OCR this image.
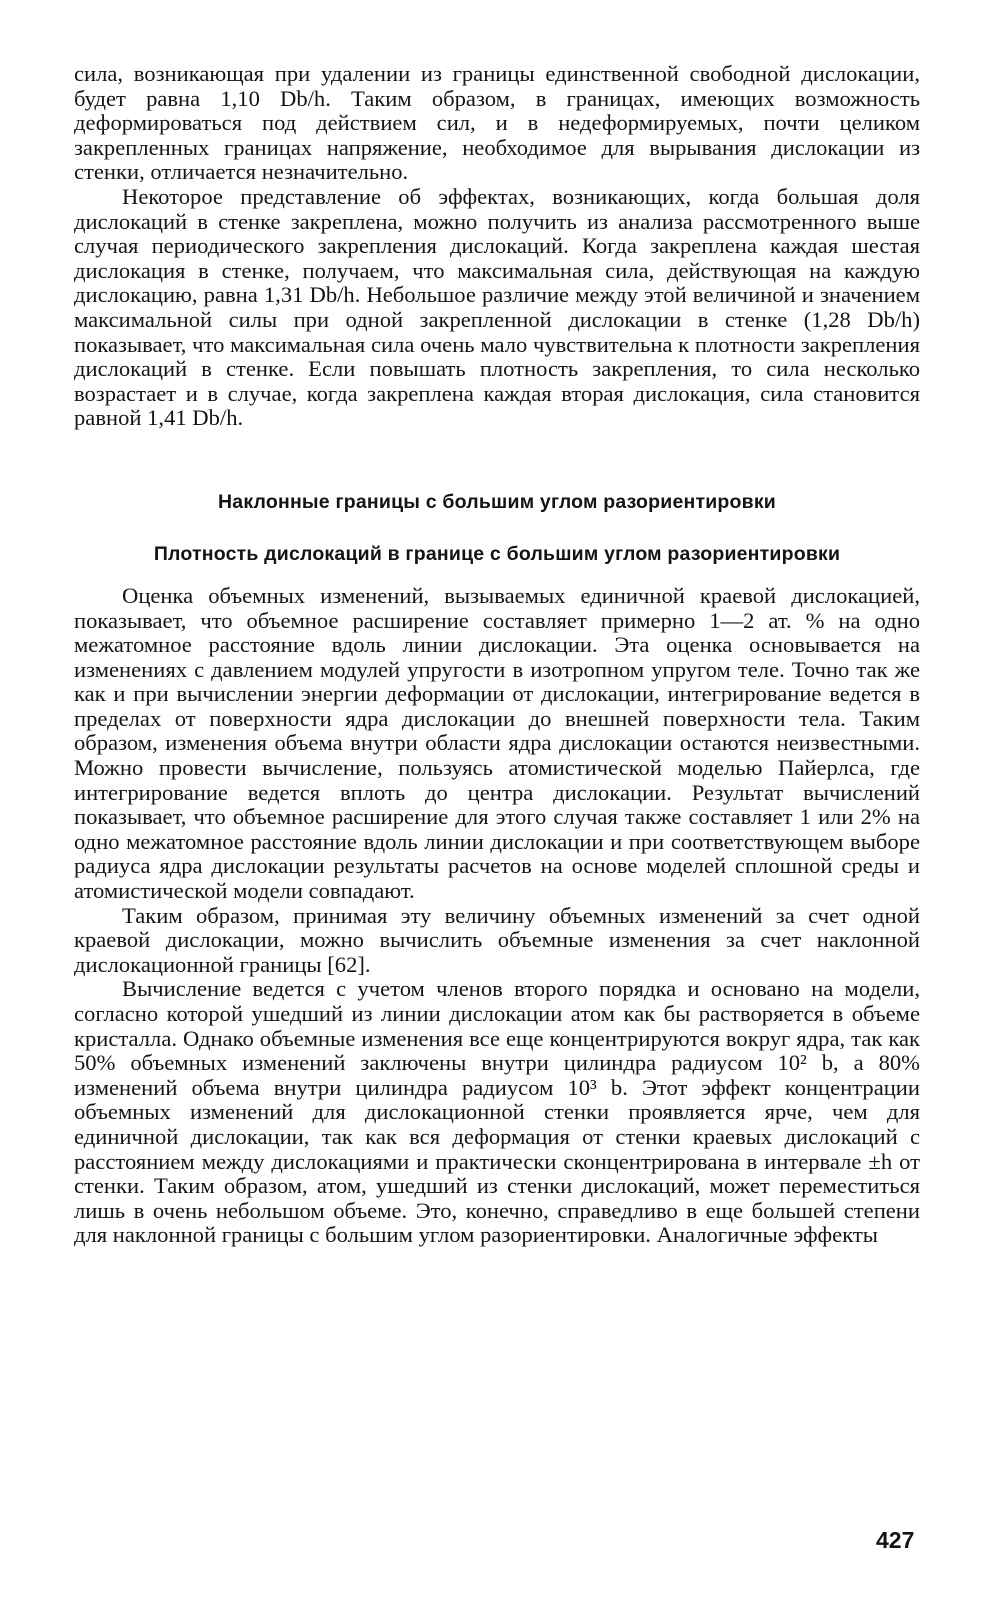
сила, возникающая при удалении из границы единственной свободной дислокации, будет равна 1,10 Db/h. Таким образом, в границах, имеющих возможность деформироваться под действием сил, и в недеформируемых, почти целиком закрепленных границах напряжение, необходимое для вырывания дислокации из стенки, отличается незначительно.

Некоторое представление об эффектах, возникающих, когда большая доля дислокаций в стенке закреплена, можно получить из анализа рассмотренного выше случая периодического закрепления дислокаций. Когда закреплена каждая шестая дислокация в стенке, получаем, что максимальная сила, действующая на каждую дислокацию, равна 1,31 Db/h. Небольшое различие между этой величиной и значением максимальной силы при одной закрепленной дислокации в стенке (1,28 Db/h) показывает, что максимальная сила очень мало чувствительна к плотности закрепления дислокаций в стенке. Если повышать плотность закрепления, то сила несколько возрастает и в случае, когда закреплена каждая вторая дислокация, сила становится равной 1,41 Db/h.

Наклонные границы с большим углом разориентировки
Плотность дислокаций в границе с большим углом разориентировки

Оценка объемных изменений, вызываемых единичной краевой дислокацией, показывает, что объемное расширение составляет примерно 1—2 ат. % на одно межатомное расстояние вдоль линии дислокации. Эта оценка основывается на изменениях с давлением модулей упругости в изотропном упругом теле. Точно так же как и при вычислении энергии деформации от дислокации, интегрирование ведется в пределах от поверхности ядра дислокации до внешней поверхности тела. Таким образом, изменения объема внутри области ядра дислокации остаются неизвестными. Можно провести вычисление, пользуясь атомистической моделью Пайерлса, где интегрирование ведется вплоть до центра дислокации. Результат вычислений показывает, что объемное расширение для этого случая также составляет 1 или 2% на одно межатомное расстояние вдоль линии дислокации и при соответствующем выборе радиуса ядра дислокации результаты расчетов на основе моделей сплошной среды и атомистической модели совпадают.

Таким образом, принимая эту величину объемных изменений за счет одной краевой дислокации, можно вычислить объемные изменения за счет наклонной дислокационной границы [62].

Вычисление ведется с учетом членов второго порядка и основано на модели, согласно которой ушедший из линии дислокации атом как бы растворяется в объеме кристалла. Однако объемные изменения все еще концентрируются вокруг ядра, так как 50% объемных изменений заключены внутри цилиндра радиусом 10² b, а 80% изменений объема внутри цилиндра радиусом 10³ b. Этот эффект концентрации объемных изменений для дислокационной стенки проявляется ярче, чем для единичной дислокации, так как вся деформация от стенки краевых дислокаций с расстоянием между дислокациями и практически сконцентрирована в интервале ±h от стенки. Таким образом, атом, ушедший из стенки дислокаций, может переместиться лишь в очень небольшом объеме. Это, конечно, справедливо в еще большей степени для наклонной границы с большим углом разориентировки. Аналогичные эффекты

427
